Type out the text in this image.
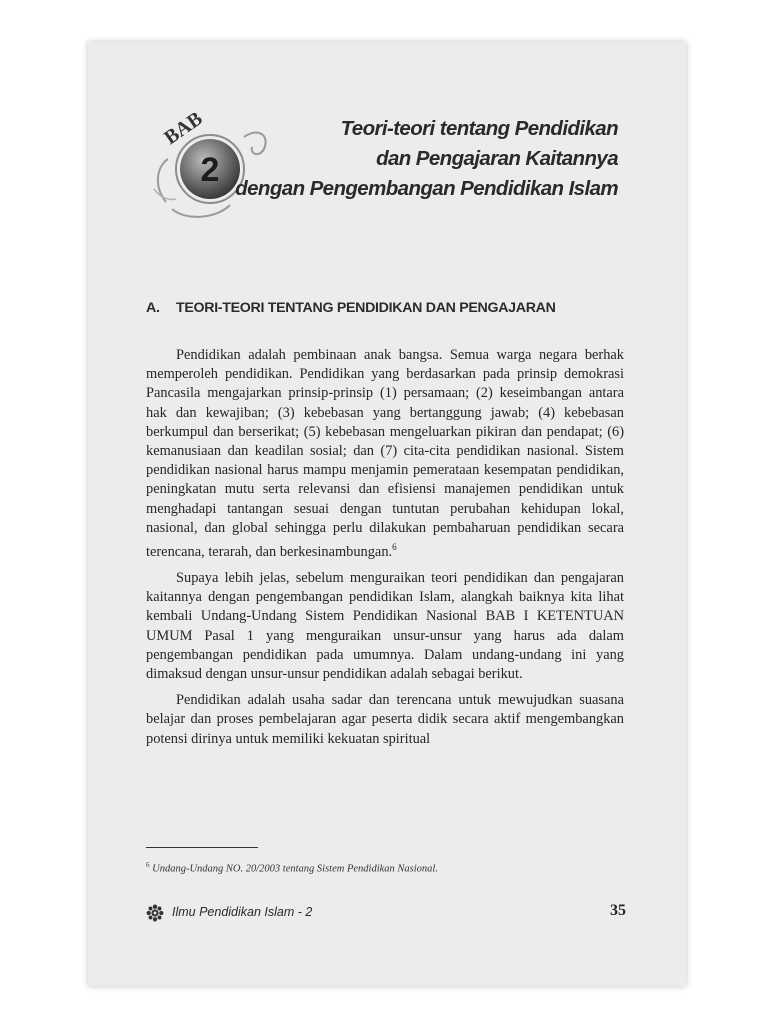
BAB
2
Teori-teori tentang Pendidikan
dan Pengajaran Kaitannya
dengan Pengembangan Pendidikan Islam
A. TEORI-TEORI TENTANG PENDIDIKAN DAN PENGAJARAN

Pendidikan adalah pembinaan anak bangsa. Semua warga negara berhak memperoleh pendidikan. Pendidikan yang berdasarkan pada prinsip demokrasi Pancasila mengajarkan prinsip-prinsip (1) persamaan; (2) keseimbangan antara hak dan kewajiban; (3) kebebasan yang bertanggung jawab; (4) kebebasan berkumpul dan berserikat; (5) kebebasan mengeluarkan pikiran dan pendapat; (6) kemanusiaan dan keadilan sosial; dan (7) cita-cita pendidikan nasional. Sistem pendidikan nasional harus mampu menjamin pemerataan kesempatan pendidikan, peningkatan mutu serta relevansi dan efisiensi manajemen pendidikan untuk menghadapi tantangan sesuai dengan tuntutan perubahan kehidupan lokal, nasional, dan global sehingga perlu dilakukan pembaharuan pendidikan secara terencana, terarah, dan berkesinambungan.$^6$

Supaya lebih jelas, sebelum menguraikan teori pendidikan dan pengajaran kaitannya dengan pengembangan pendidikan Islam, alangkah baiknya kita lihat kembali Undang-Undang Sistem Pendidikan Nasional BAB I KETENTUAN UMUM Pasal 1 yang menguraikan unsur-unsur yang harus ada dalam pengembangan pendidikan pada umumnya. Dalam undang-undang ini yang dimaksud dengan unsur-unsur pendidikan adalah sebagai berikut.

Pendidikan adalah usaha sadar dan terencana untuk mewujudkan suasana belajar dan proses pembelajaran agar peserta didik secara aktif mengembangkan potensi dirinya untuk memiliki kekuatan spiritual

$^6$ Undang-Undang NO. 20/2003 tentang Sistem Pendidikan Nasional.
Ilmu Pendidikan Islam - 2	35
